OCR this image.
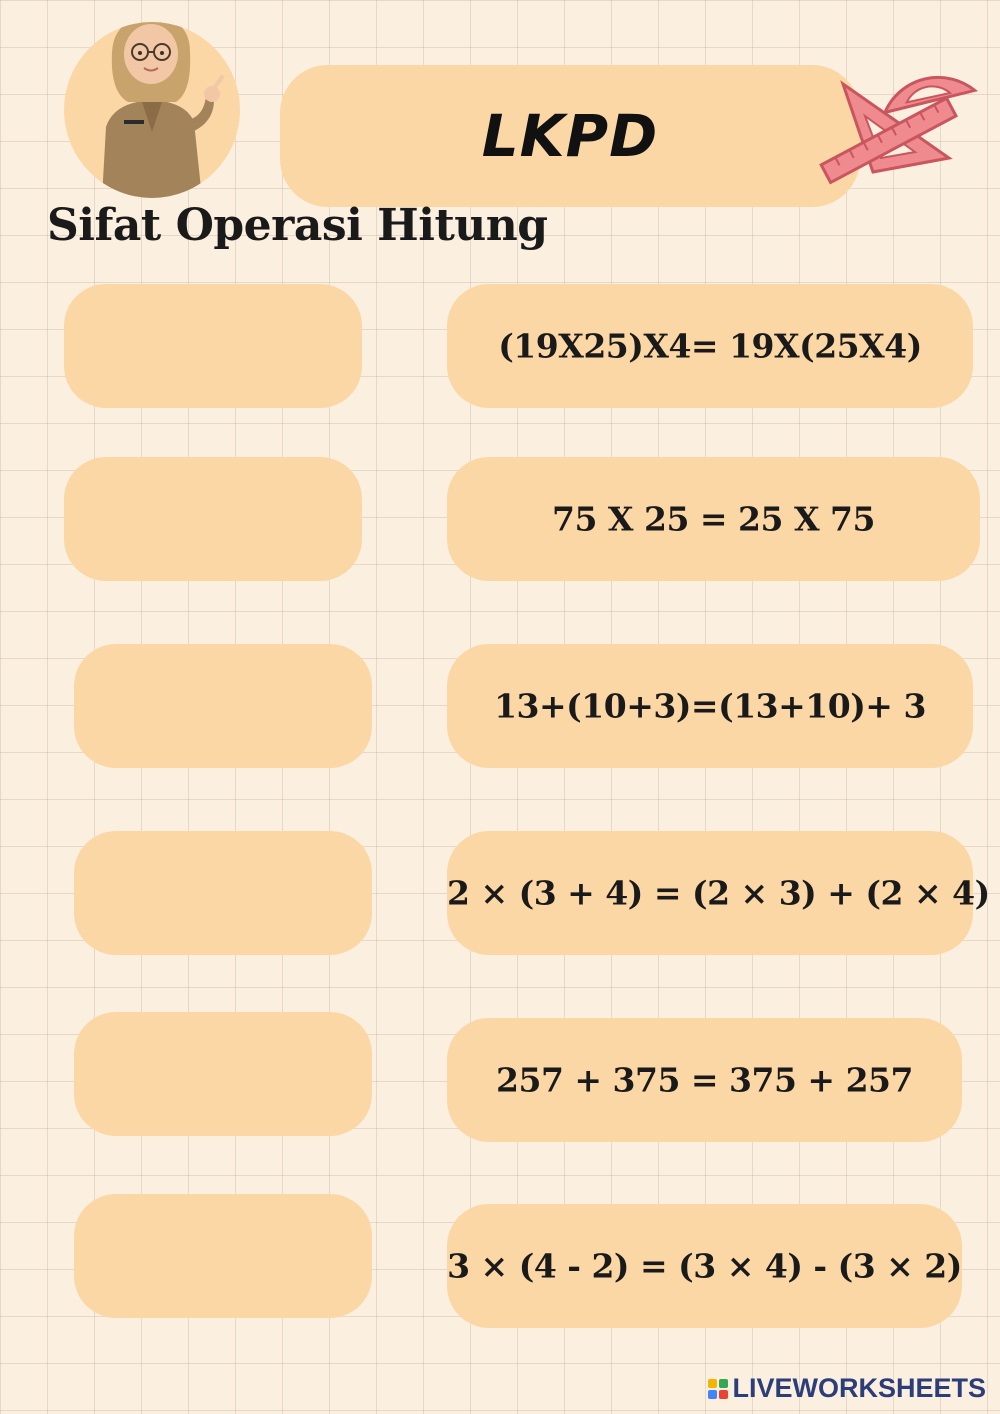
LKPD
Sifat Operasi Hitung
(19X25)X4= 19X(25X4)
75 X 25 = 25 X 75
13+(10+3)=(13+10)+ 3
2 × (3 + 4) = (2 × 3) + (2 × 4)
257 + 375 = 375 + 257
3 × (4 - 2) = (3 × 4) - (3 × 2)
LIVEWORKSHEETS
